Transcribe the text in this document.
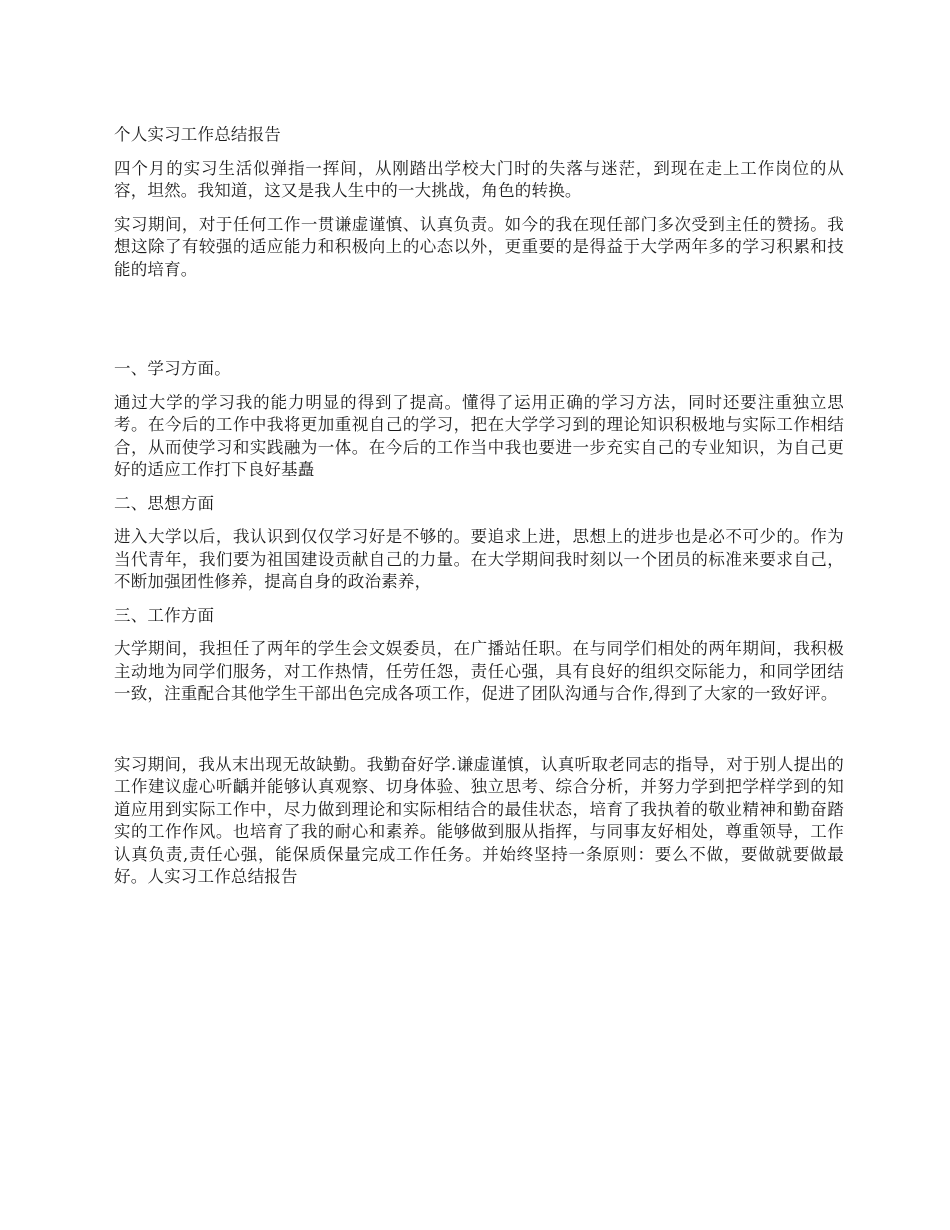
个人实习工作总结报告

四个月的实习生活似弹指一挥间，从刚踏出学校大门时的失落与迷茫，到现在走上工作岗位的从容，坦然。我知道，这又是我人生中的一大挑战，角色的转换。

实习期间，对于任何工作一贯谦虚谨慎、认真负责。如今的我在现任部门多次受到主任的赞扬。我想这除了有较强的适应能力和积极向上的心态以外，更重要的是得益于大学两年多的学习积累和技能的培育。

一、学习方面。

通过大学的学习我的能力明显的得到了提高。懂得了运用正确的学习方法，同时还要注重独立思考。在今后的工作中我将更加重视自己的学习，把在大学学习到的理论知识积极地与实际工作相结合，从而使学习和实践融为一体。在今后的工作当中我也要进一步充实自己的专业知识，为自己更好的适应工作打下良好基矗

二、思想方面

进入大学以后，我认识到仅仅学习好是不够的。要追求上进，思想上的进步也是必不可少的。作为当代青年，我们要为祖国建设贡献自己的力量。在大学期间我时刻以一个团员的标准来要求自己，不断加强团性修养，提高自身的政治素养，

三、工作方面

大学期间，我担任了两年的学生会文娱委员，在广播站任职。在与同学们相处的两年期间，我积极主动地为同学们服务，对工作热情，任劳任怨，责任心强，具有良好的组织交际能力，和同学团结一致，注重配合其他学生干部出色完成各项工作，促进了团队沟通与合作,得到了大家的一致好评。

实习期间，我从末出现无故缺勤。我勤奋好学.谦虚谨慎，认真听取老同志的指导，对于别人提出的工作建议虚心听齲并能够认真观察、切身体验、独立思考、综合分析，并努力学到把学样学到的知道应用到实际工作中，尽力做到理论和实际相结合的最佳状态，培育了我执着的敬业精神和勤奋踏实的工作作风。也培育了我的耐心和素养。能够做到服从指挥，与同事友好相处，尊重领导，工作认真负责,责任心强，能保质保量完成工作任务。并始终坚持一条原则：要么不做，要做就要做最好。人实习工作总结报告
